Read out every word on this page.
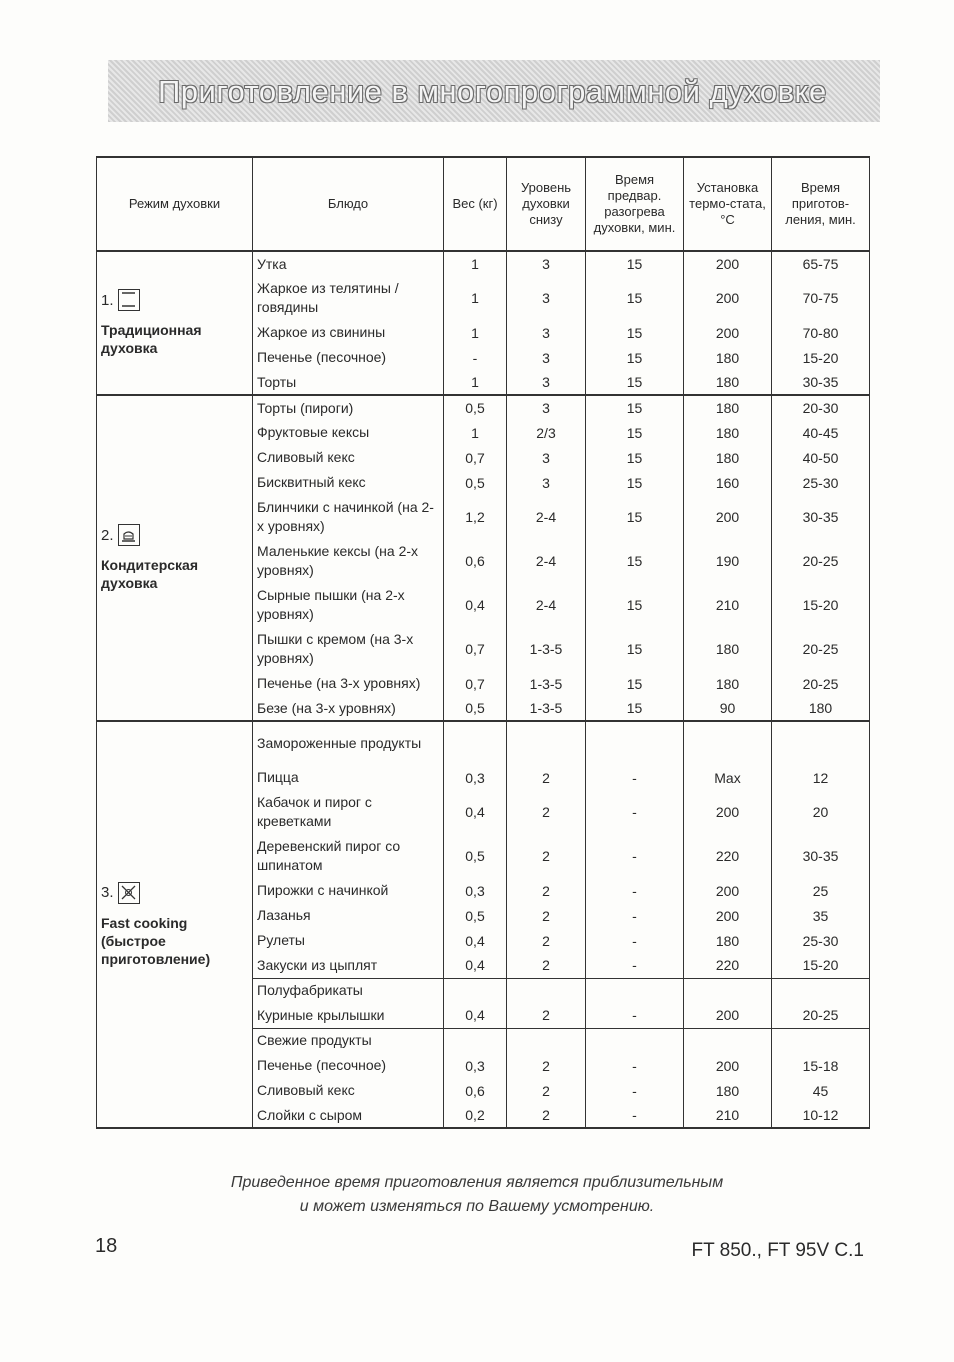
Приготовление в многопрограммной духовке
Режим духовки	Блюдо	Вес (кг)	Уровень духовки снизу	Время предвар. разогрева духовки, мин.	Установка термо-стата, °С	Время приготов-ления, мин.

1.
Традиционная духовка	Утка	1	3	15	200	65-75
	Жаркое из телятины / говядины	1	3	15	200	70-75
	Жаркое из свинины	1	3	15	200	70-80
	Печенье (песочное)	-	3	15	180	15-20
	Торты	1	3	15	180	30-35

2.
Кондитерская духовка	Торты (пироги)	0,5	3	15	180	20-30
	Фруктовые кексы	1	2/3	15	180	40-45
	Сливовый кекс	0,7	3	15	180	40-50
	Бисквитный кекс	0,5	3	15	160	25-30
	Блинчики с начинкой (на 2-х уровнях)	1,2	2-4	15	200	30-35
	Маленькие кексы (на 2-х уровнях)	0,6	2-4	15	190	20-25
	Сырные пышки (на 2-х уровнях)	0,4	2-4	15	210	15-20
	Пышки с кремом (на 3-х уровнях)	0,7	1-3-5	15	180	20-25
	Печенье (на 3-х уровнях)	0,7	1-3-5	15	180	20-25
	Безе (на 3-х уровнях)	0,5	1-3-5	15	90	180

3.
Fast cooking (быстрое приготовление)	Замороженные продукты					
	Пицца	0,3	2	-	Max	12
	Кабачок и пирог с креветками	0,4	2	-	200	20
	Деревенский пирог со шпинатом	0,5	2	-	220	30-35
	Пирожки с начинкой	0,3	2	-	200	25
	Лазанья	0,5	2	-	200	35
	Рулеты	0,4	2	-	180	25-30
	Закуски из цыплят	0,4	2	-	220	15-20
	Полуфабрикаты					
	Куриные крылышки	0,4	2	-	200	20-25
	Свежие продукты					
	Печенье (песочное)	0,3	2	-	200	15-18
	Сливовый кекс	0,6	2	-	180	45
	Слойки с сыром	0,2	2	-	210	10-12
Приведенное время приготовления является приблизительным
и может изменяться по Вашему усмотрению.
18	FT 850., FT 95V C.1
